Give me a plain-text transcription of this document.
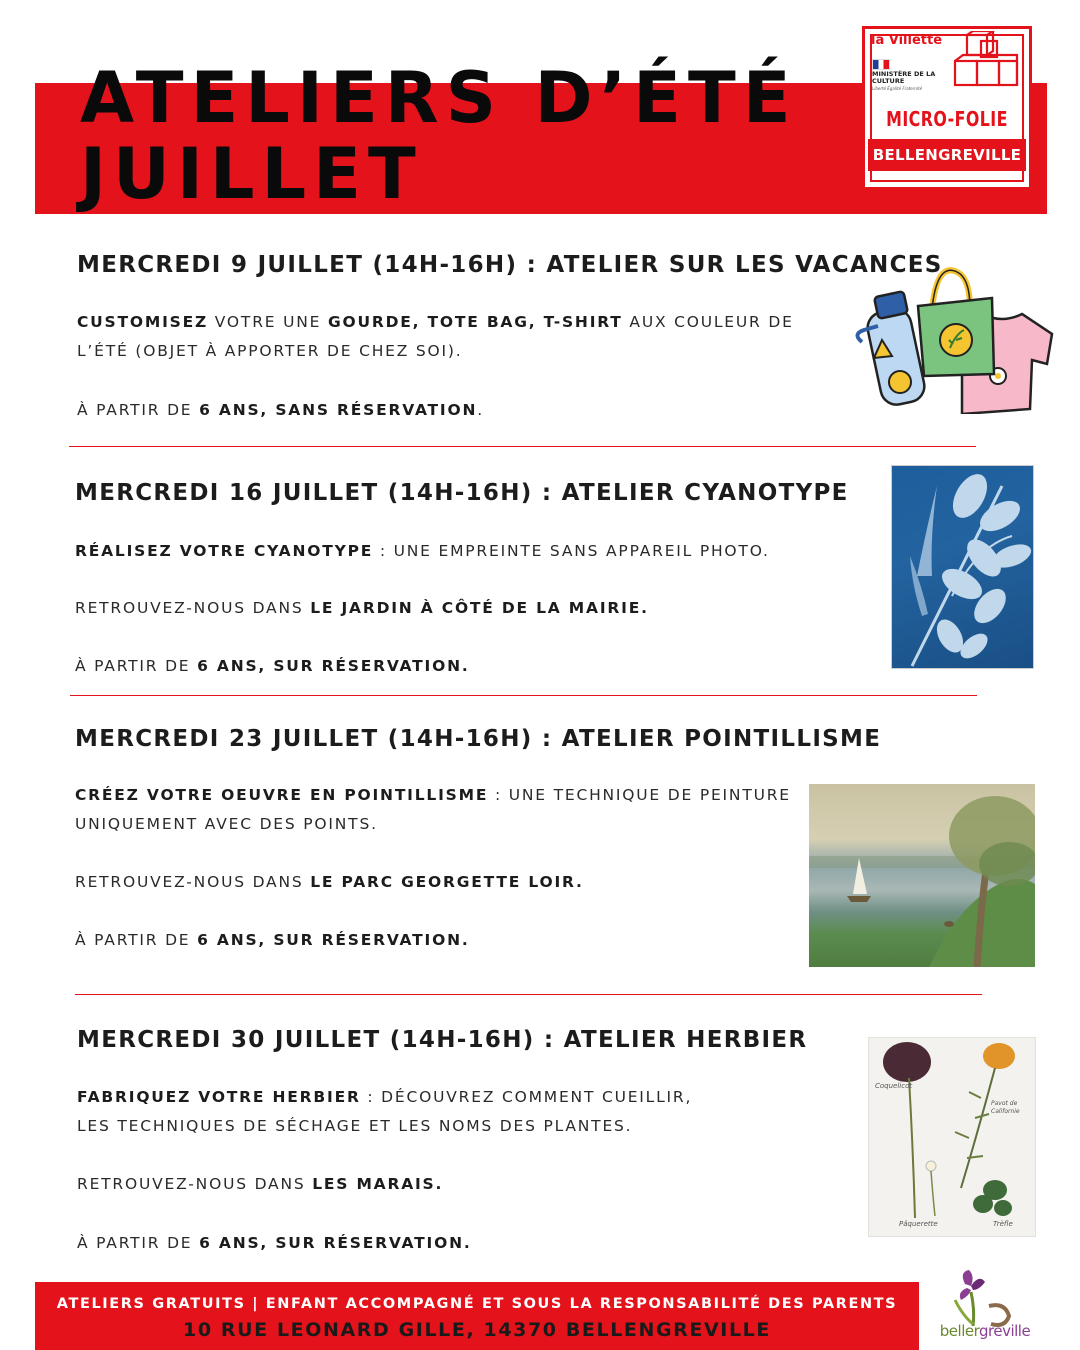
ATELIERS D’ÉTÉ
JUILLET
la Villette
MINISTÈRE DE LA CULTURE
Liberté Égalité Fraternité
MICRO-FOLIE
BELLENGREVILLE
MERCREDI 9 JUILLET (14H-16H) : ATELIER SUR LES VACANCES
CUSTOMISEZ VOTRE UNE GOURDE, TOTE BAG, T-SHIRT AUX COULEUR DE
L’ÉTÉ (OBJET À APPORTER DE CHEZ SOI).
À PARTIR DE 6 ANS, SANS RÉSERVATION.
MERCREDI 16 JUILLET (14H-16H) : ATELIER CYANOTYPE
RÉALISEZ VOTRE CYANOTYPE : UNE EMPREINTE SANS APPAREIL PHOTO.
RETROUVEZ-NOUS DANS LE JARDIN À CÔTÉ DE LA MAIRIE.
À PARTIR DE 6 ANS, SUR RÉSERVATION.
MERCREDI 23 JUILLET (14H-16H) : ATELIER POINTILLISME
CRÉEZ VOTRE OEUVRE EN POINTILLISME : UNE TECHNIQUE DE PEINTURE
UNIQUEMENT AVEC DES POINTS.
RETROUVEZ-NOUS DANS LE PARC GEORGETTE LOIR.
À PARTIR DE 6 ANS, SUR RÉSERVATION.
MERCREDI 30 JUILLET (14H-16H) : ATELIER HERBIER
FABRIQUEZ VOTRE HERBIER : DÉCOUVREZ COMMENT CUEILLIR,
LES TECHNIQUES DE SÉCHAGE ET LES NOMS DES PLANTES.
RETROUVEZ-NOUS DANS LES MARAIS.
À PARTIR DE 6 ANS, SUR RÉSERVATION.
Coquelicot
Pavot de Californie
Pâquerette	Trèfle
ATELIERS GRATUITS | ENFANT ACCOMPAGNÉ ET SOUS LA RESPONSABILITÉ DES PARENTS
10 RUE LEONARD GILLE, 14370 BELLENGREVILLE	bellergreville
